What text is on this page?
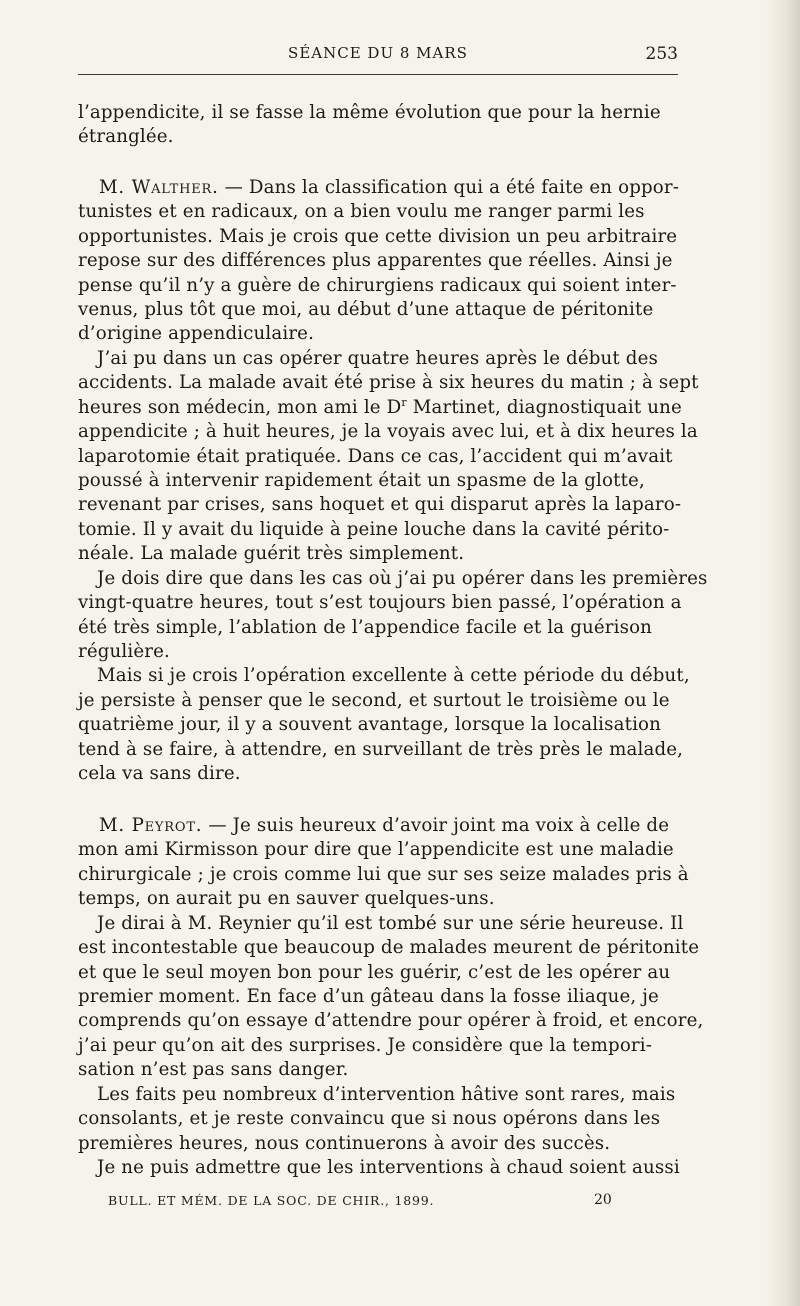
SÉANCE DU 8 MARS	253
l’appendicite, il se fasse la même évolution que pour la hernie
étranglée.
M. Walther. — Dans la classification qui a été faite en oppor-
tunistes et en radicaux, on a bien voulu me ranger parmi les
opportunistes. Mais je crois que cette division un peu arbitraire
repose sur des différences plus apparentes que réelles. Ainsi je
pense qu’il n’y a guère de chirurgiens radicaux qui soient inter-
venus, plus tôt que moi, au début d’une attaque de péritonite
d’origine appendiculaire.
J’ai pu dans un cas opérer quatre heures après le début des
accidents. La malade avait été prise à six heures du matin ; à sept
heures son médecin, mon ami le $D^r$ Martinet, diagnostiquait une
appendicite ; à huit heures, je la voyais avec lui, et à dix heures la
laparotomie était pratiquée. Dans ce cas, l’accident qui m’avait
poussé à intervenir rapidement était un spasme de la glotte,
revenant par crises, sans hoquet et qui disparut après la laparo-
tomie. Il y avait du liquide à peine louche dans la cavité périto-
néale. La malade guérit très simplement.
Je dois dire que dans les cas où j’ai pu opérer dans les premières
vingt-quatre heures, tout s’est toujours bien passé, l’opération a
été très simple, l’ablation de l’appendice facile et la guérison
régulière.
Mais si je crois l’opération excellente à cette période du début,
je persiste à penser que le second, et surtout le troisième ou le
quatrième jour, il y a souvent avantage, lorsque la localisation
tend à se faire, à attendre, en surveillant de très près le malade,
cela va sans dire.
M. Peyrot. — Je suis heureux d’avoir joint ma voix à celle de
mon ami Kirmisson pour dire que l’appendicite est une maladie
chirurgicale ; je crois comme lui que sur ses seize malades pris à
temps, on aurait pu en sauver quelques-uns.
Je dirai à M. Reynier qu’il est tombé sur une série heureuse. Il
est incontestable que beaucoup de malades meurent de péritonite
et que le seul moyen bon pour les guérir, c’est de les opérer au
premier moment. En face d’un gâteau dans la fosse iliaque, je
comprends qu’on essaye d’attendre pour opérer à froid, et encore,
j’ai peur qu’on ait des surprises. Je considère que la tempori-
sation n’est pas sans danger.
Les faits peu nombreux d’intervention hâtive sont rares, mais
consolants, et je reste convaincu que si nous opérons dans les
premières heures, nous continuerons à avoir des succès.
Je ne puis admettre que les interventions à chaud soient aussi
BULL. ET MÉM. DE LA SOC. DE CHIR., 1899.	20
